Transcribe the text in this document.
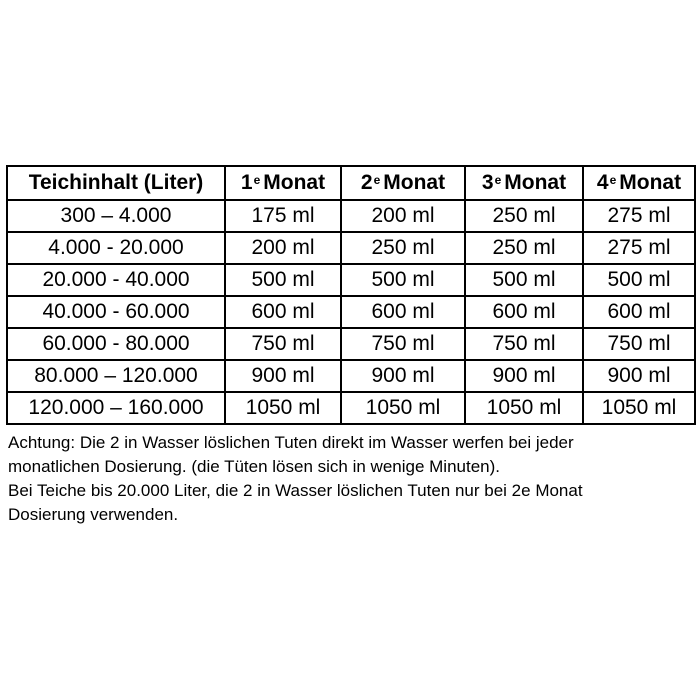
Teichinhalt (Liter)	1e Monat	2e Monat	3e Monat	4e Monat
300 – 4.000	175 ml	200 ml	250 ml	275 ml
4.000 - 20.000	200 ml	250 ml	250 ml	275 ml
20.000 - 40.000	500 ml	500 ml	500 ml	500 ml
40.000 - 60.000	600 ml	600 ml	600 ml	600 ml
60.000 - 80.000	750 ml	750 ml	750 ml	750 ml
80.000 – 120.000	900 ml	900 ml	900 ml	900 ml
120.000 – 160.000	1050 ml	1050 ml	1050 ml	1050 ml

Achtung: Die 2 in Wasser löslichen Tuten direkt im Wasser werfen bei jeder

monatlichen Dosierung. (die Tüten lösen sich in wenige Minuten).

Bei Teiche bis 20.000 Liter, die 2 in Wasser löslichen Tuten nur bei 2e Monat

Dosierung verwenden.
